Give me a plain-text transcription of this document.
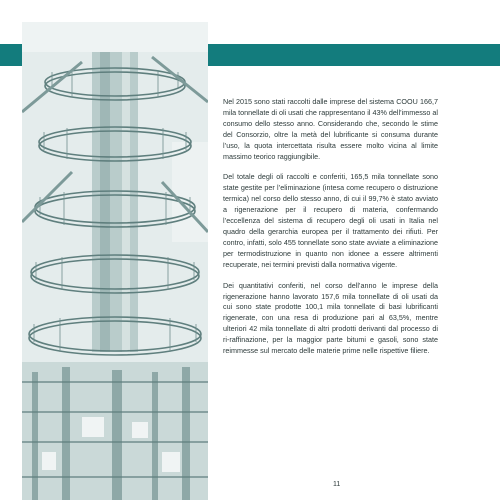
Nel 2015 sono stati raccolti dalle imprese del sistema COOU 166,7 mila tonnellate di oli usati che rappresentano il 43% dell’immesso al consumo dello stesso anno. Considerando che, secondo le stime del Consorzio, oltre la metà del lubrificante si consuma durante l’uso, la quota intercettata risulta essere molto vicina al limite massimo teorico raggiungibile.

Del totale degli oli raccolti e conferiti, 165,5 mila tonnellate sono state gestite per l’eliminazione (intesa come recupero o distruzione termica) nel corso dello stesso anno, di cui il 99,7% è stato avviato a rigenerazione per il recupero di materia, confermando l’eccellenza del sistema di recupero degli oli usati in Italia nel quadro della gerarchia europea per il trattamento dei rifiuti. Per contro, infatti, solo 455 tonnellate sono state avviate a eliminazione per termodistruzione in quanto non idonee a essere altrimenti recuperate, nei termini previsti dalla normativa vigente.

Dei quantitativi conferiti, nel corso dell’anno le imprese della rigenerazione hanno lavorato 157,6 mila tonnellate di oli usati da cui sono state prodotte 100,1 mila tonnellate di basi lubrificanti rigenerate, con una resa di produzione pari al 63,5%, mentre ulteriori 42 mila tonnellate di altri prodotti derivanti dal processo di ri-raffinazione, per la maggior parte bitumi e gasoli, sono state reimmesse sul mercato delle materie prime nelle rispettive filiere.

11
